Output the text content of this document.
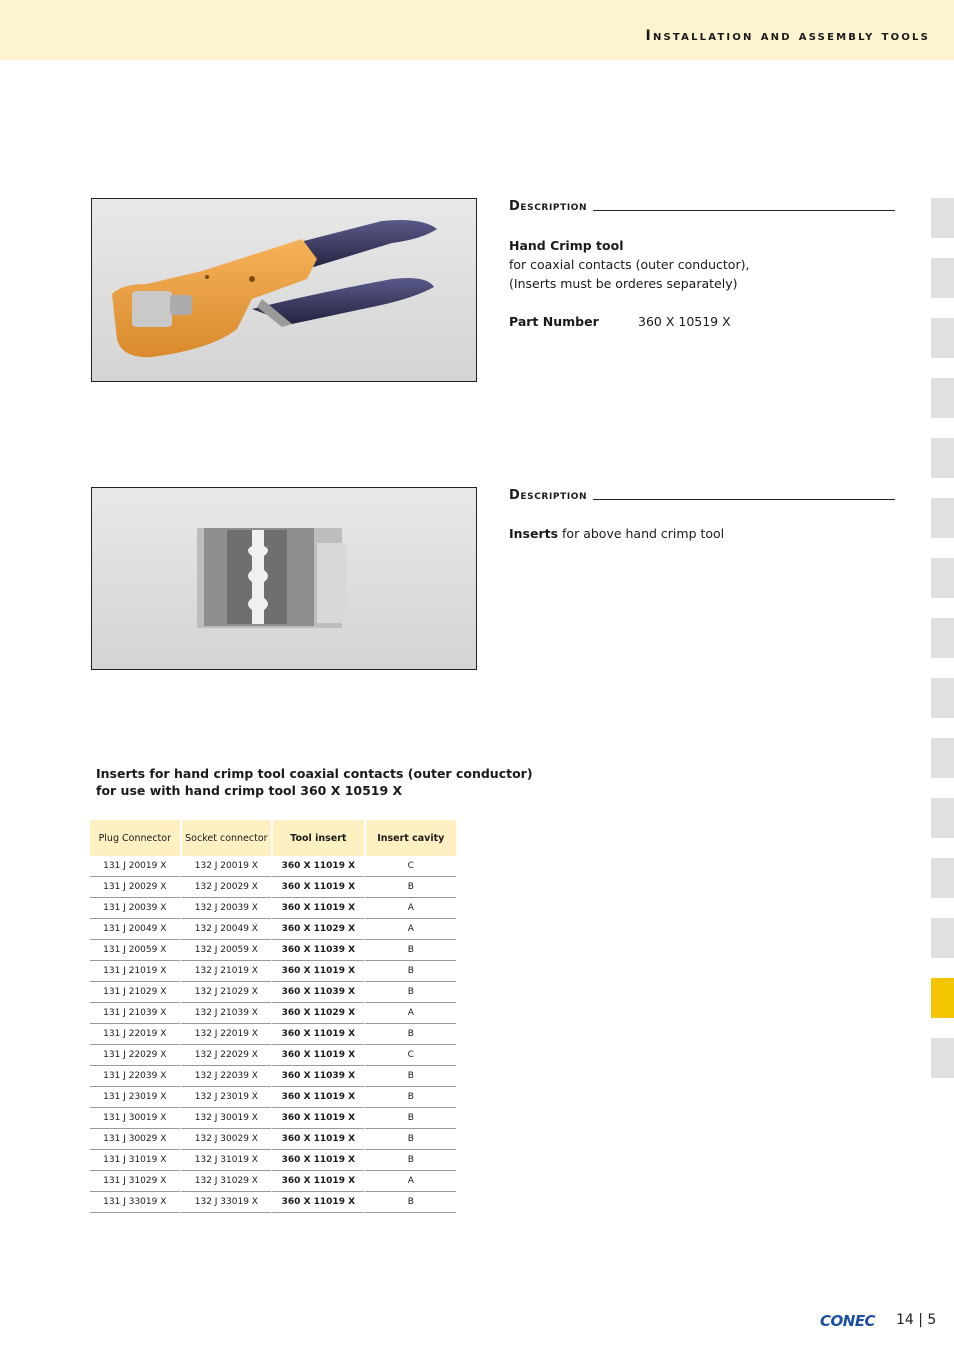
Installation and assembly tools
Description
Hand Crimp tool
for coaxial contacts (outer conductor),
(Inserts must be orderes separately)
Part Number	360 X 10519 X
Description
Inserts for above hand crimp tool
Inserts for hand crimp tool coaxial contacts (outer conductor)
for use with hand crimp tool 360 X 10519 X
Plug Connector	Socket connector	Tool insert	Insert cavity
131 J 20019 X	132 J 20019 X	360 X 11019 X	C
131 J 20029 X	132 J 20029 X	360 X 11019 X	B
131 J 20039 X	132 J 20039 X	360 X 11019 X	A
131 J 20049 X	132 J 20049 X	360 X 11029 X	A
131 J 20059 X	132 J 20059 X	360 X 11039 X	B
131 J 21019 X	132 J 21019 X	360 X 11019 X	B
131 J 21029 X	132 J 21029 X	360 X 11039 X	B
131 J 21039 X	132 J 21039 X	360 X 11029 X	A
131 J 22019 X	132 J 22019 X	360 X 11019 X	B
131 J 22029 X	132 J 22029 X	360 X 11019 X	C
131 J 22039 X	132 J 22039 X	360 X 11039 X	B
131 J 23019 X	132 J 23019 X	360 X 11019 X	B
131 J 30019 X	132 J 30019 X	360 X 11019 X	B
131 J 30029 X	132 J 30029 X	360 X 11019 X	B
131 J 31019 X	132 J 31019 X	360 X 11019 X	B
131 J 31029 X	132 J 31029 X	360 X 11019 X	A
131 J 33019 X	132 J 33019 X	360 X 11019 X	B
CONEC 14 | 5
